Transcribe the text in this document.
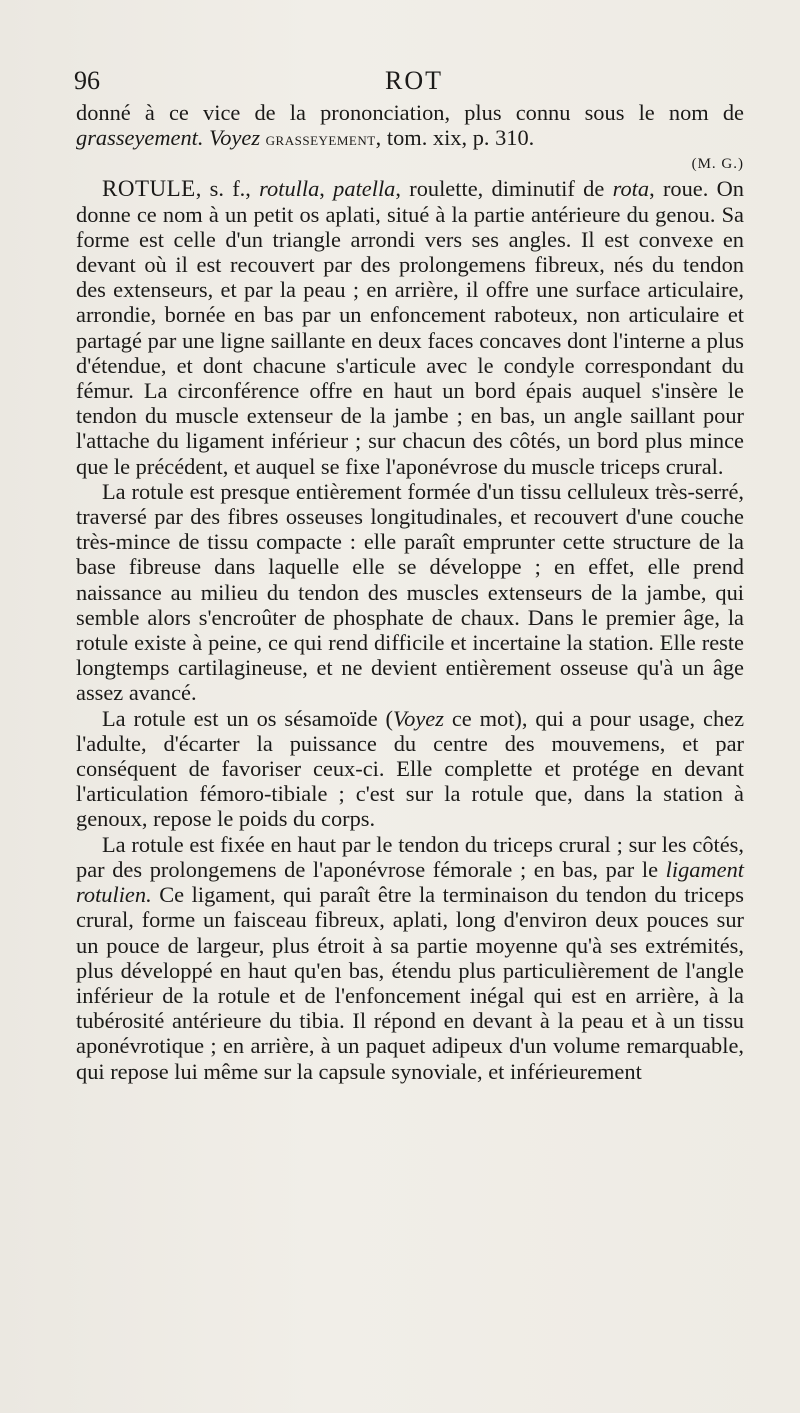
96	ROT

donné à ce vice de la prononciation, plus connu sous le nom de grasseyement. Voyez grasseyement, tom. xix, p. 310.

(M. G.)

ROTULE, s. f., rotulla, patella, roulette, diminutif de rota, roue. On donne ce nom à un petit os aplati, situé à la partie antérieure du genou. Sa forme est celle d'un triangle arrondi vers ses angles. Il est convexe en devant où il est recouvert par des prolongemens fibreux, nés du tendon des extenseurs, et par la peau ; en arrière, il offre une surface articulaire, arrondie, bornée en bas par un enfoncement raboteux, non articulaire et partagé par une ligne saillante en deux faces concaves dont l'interne a plus d'étendue, et dont chacune s'articule avec le condyle correspondant du fémur. La circonférence offre en haut un bord épais auquel s'insère le tendon du muscle extenseur de la jambe ; en bas, un angle saillant pour l'attache du ligament inférieur ; sur chacun des côtés, un bord plus mince que le précédent, et auquel se fixe l'aponévrose du muscle triceps crural.

La rotule est presque entièrement formée d'un tissu celluleux très-serré, traversé par des fibres osseuses longitudinales, et recouvert d'une couche très-mince de tissu compacte : elle paraît emprunter cette structure de la base fibreuse dans laquelle elle se développe ; en effet, elle prend naissance au milieu du tendon des muscles extenseurs de la jambe, qui semble alors s'encroûter de phosphate de chaux. Dans le premier âge, la rotule existe à peine, ce qui rend difficile et incertaine la station. Elle reste longtemps cartilagineuse, et ne devient entièrement osseuse qu'à un âge assez avancé.

La rotule est un os sésamoïde (Voyez ce mot), qui a pour usage, chez l'adulte, d'écarter la puissance du centre des mouvemens, et par conséquent de favoriser ceux-ci. Elle complette et protége en devant l'articulation fémoro-tibiale ; c'est sur la rotule que, dans la station à genoux, repose le poids du corps.

La rotule est fixée en haut par le tendon du triceps crural ; sur les côtés, par des prolongemens de l'aponévrose fémorale ; en bas, par le ligament rotulien. Ce ligament, qui paraît être la terminaison du tendon du triceps crural, forme un faisceau fibreux, aplati, long d'environ deux pouces sur un pouce de largeur, plus étroit à sa partie moyenne qu'à ses extrémités, plus développé en haut qu'en bas, étendu plus particulièrement de l'angle inférieur de la rotule et de l'enfoncement inégal qui est en arrière, à la tubérosité antérieure du tibia. Il répond en devant à la peau et à un tissu aponévrotique ; en arrière, à un paquet adipeux d'un volume remarquable, qui repose lui même sur la capsule synoviale, et inférieurement
